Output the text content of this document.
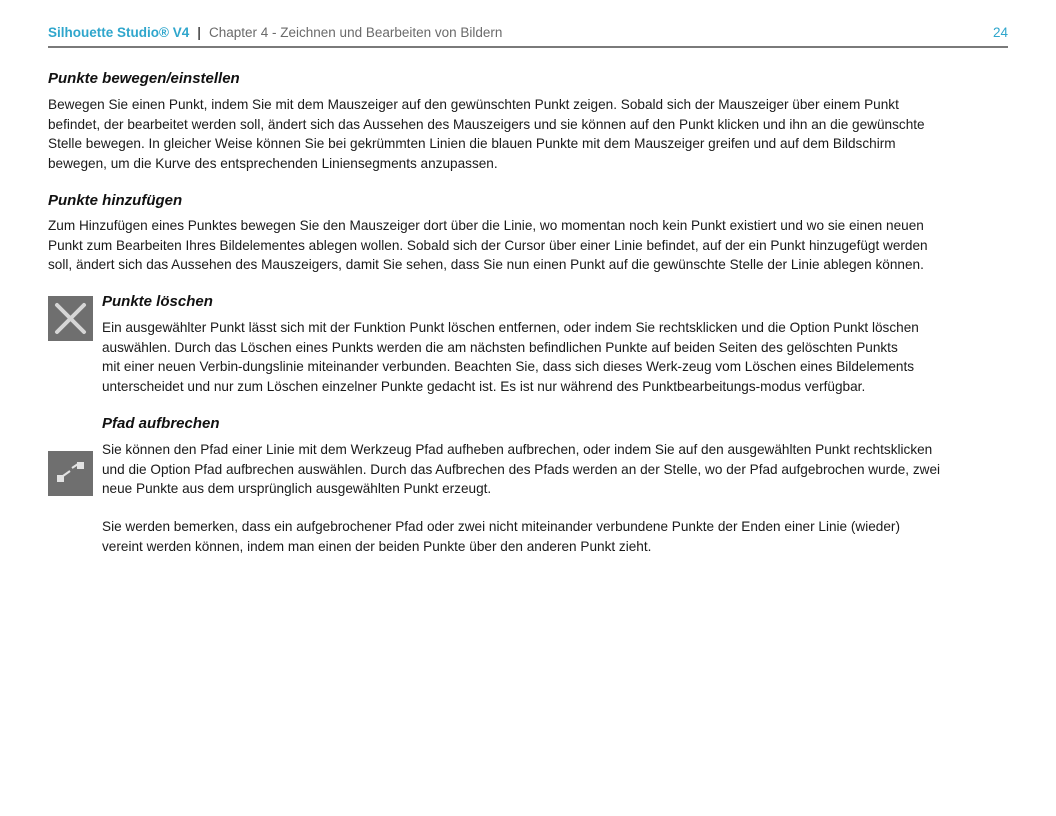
Silhouette Studio® V4 | Chapter 4 - Zeichnen und Bearbeiten von Bildern	24
Punkte bewegen/einstellen
Bewegen Sie einen Punkt, indem Sie mit dem Mauszeiger auf den gewünschten Punkt zeigen. Sobald sich der Mauszeiger über einem Punkt
befindet, der bearbeitet werden soll, ändert sich das Aussehen des Mauszeigers und sie können auf den Punkt klicken und ihn an die gewünschte
Stelle bewegen. In gleicher Weise können Sie bei gekrümmten Linien die blauen Punkte mit dem Mauszeiger greifen und auf dem Bildschirm
bewegen, um die Kurve des entsprechenden Liniensegments anzupassen.
Punkte hinzufügen
Zum Hinzufügen eines Punktes bewegen Sie den Mauszeiger dort über die Linie, wo momentan noch kein Punkt existiert und wo sie einen neuen
Punkt zum Bearbeiten Ihres Bildelementes ablegen wollen. Sobald sich der Cursor über einer Linie befindet, auf der ein Punkt hinzugefügt werden
soll, ändert sich das Aussehen des Mauszeigers, damit Sie sehen, dass Sie nun einen Punkt auf die gewünschte Stelle der Linie ablegen können.
Punkte löschen
Ein ausgewählter Punkt lässt sich mit der Funktion Punkt löschen entfernen, oder indem Sie rechtsklicken und die Option Punkt löschen
auswählen. Durch das Löschen eines Punkts werden die am nächsten befindlichen Punkte auf beiden Seiten des gelöschten Punkts
mit einer neuen Verbin-dungslinie miteinander verbunden. Beachten Sie, dass sich dieses Werk-zeug vom Löschen eines Bildelements
unterscheidet und nur zum Löschen einzelner Punkte gedacht ist. Es ist nur während des Punktbearbeitungs-modus verfügbar.
Pfad aufbrechen
Sie können den Pfad einer Linie mit dem Werkzeug Pfad aufheben aufbrechen, oder indem Sie auf den ausgewählten Punkt rechtsklicken
und die Option Pfad aufbrechen auswählen. Durch das Aufbrechen des Pfads werden an der Stelle, wo der Pfad aufgebrochen wurde, zwei
neue Punkte aus dem ursprünglich ausgewählten Punkt erzeugt.
Sie werden bemerken, dass ein aufgebrochener Pfad oder zwei nicht miteinander verbundene Punkte der Enden einer Linie (wieder)
vereint werden können, indem man einen der beiden Punkte über den anderen Punkt zieht.
